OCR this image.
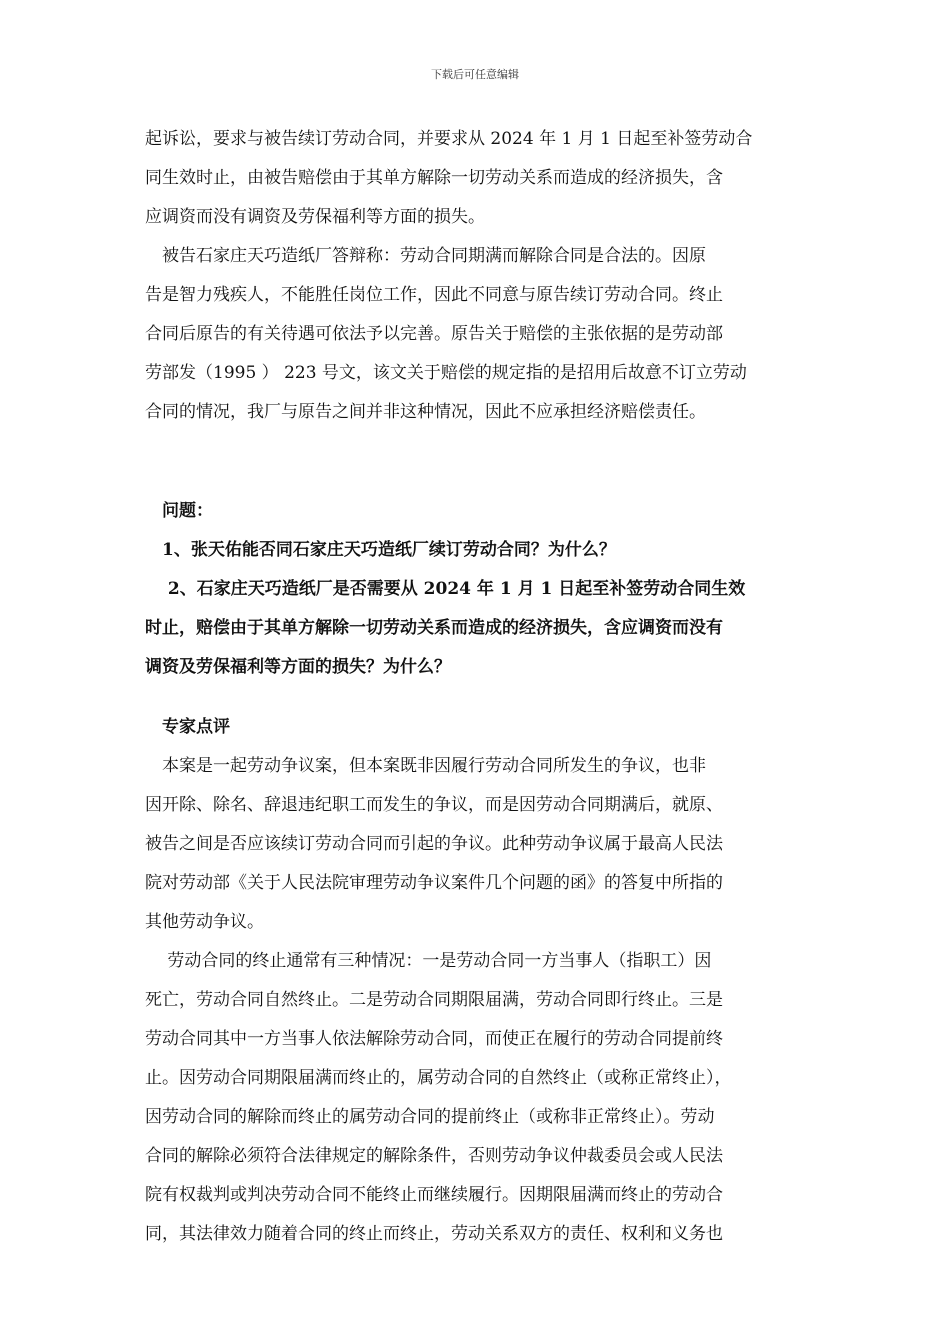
下载后可任意编辑
起诉讼，要求与被告续订劳动合同，并要求从 2024 年 1 月 1 日起至补签劳动合
同生效时止，由被告赔偿由于其单方解除一切劳动关系而造成的经济损失，含
应调资而没有调资及劳保福利等方面的损失。
　被告石家庄天巧造纸厂答辩称：劳动合同期满而解除合同是合法的。因原
告是智力残疾人，不能胜任岗位工作，因此不同意与原告续订劳动合同。终止
合同后原告的有关待遇可依法予以完善。原告关于赔偿的主张依据的是劳动部
劳部发（1995 ） 223 号文，该文关于赔偿的规定指的是招用后故意不订立劳动
合同的情况，我厂与原告之间并非这种情况，因此不应承担经济赔偿责任。
　问题：
　1、张天佑能否同石家庄天巧造纸厂续订劳动合同？为什么？
　 2、石家庄天巧造纸厂是否需要从 2024 年 1 月 1 日起至补签劳动合同生效
时止，赔偿由于其单方解除一切劳动关系而造成的经济损失，含应调资而没有
调资及劳保福利等方面的损失？为什么？
　专家点评
　本案是一起劳动争议案，但本案既非因履行劳动合同所发生的争议，也非
因开除、除名、辞退违纪职工而发生的争议，而是因劳动合同期满后，就原、
被告之间是否应该续订劳动合同而引起的争议。此种劳动争议属于最高人民法
院对劳动部《关于人民法院审理劳动争议案件几个问题的函》的答复中所指的
其他劳动争议。
　 劳动合同的终止通常有三种情况：一是劳动合同一方当事人（指职工）因
死亡，劳动合同自然终止。二是劳动合同期限届满，劳动合同即行终止。三是
劳动合同其中一方当事人依法解除劳动合同，而使正在履行的劳动合同提前终
止。因劳动合同期限届满而终止的，属劳动合同的自然终止（或称正常终止），
因劳动合同的解除而终止的属劳动合同的提前终止（或称非正常终止）。劳动
合同的解除必须符合法律规定的解除条件，否则劳动争议仲裁委员会或人民法
院有权裁判或判决劳动合同不能终止而继续履行。因期限届满而终止的劳动合
同，其法律效力随着合同的终止而终止，劳动关系双方的责任、权利和义务也
